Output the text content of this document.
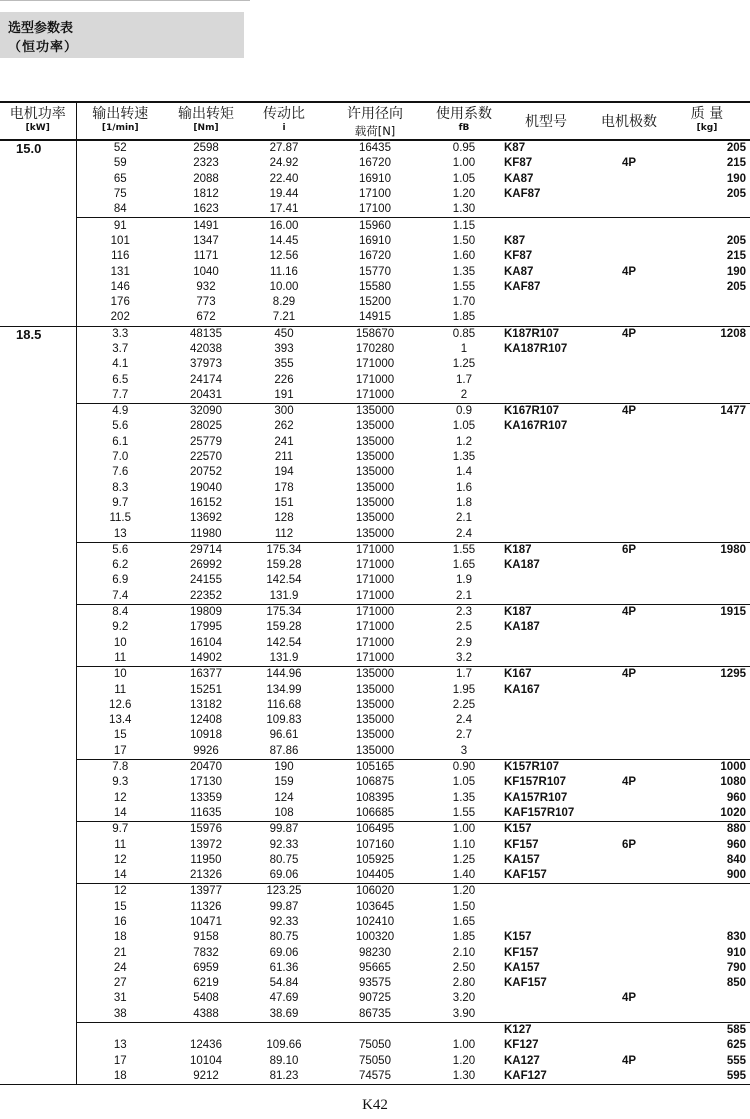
选型参数表
（恒功率）
电机功率	输出转速	输出转矩	传动比	许用径向	使用系数	机型号	电机极数	质 量
[kW]	[1/min]	[Nm]	i	载荷[N]	fB			[kg]
15.0	52	2598	27.87	16435	0.95	K87		205
	59	2323	24.92	16720	1.00	KF87	4P	215
	65	2088	22.40	16910	1.05	KA87		190
	75	1812	19.44	17100	1.20	KAF87		205
	84	1623	17.41	17100	1.30			
	91	1491	16.00	15960	1.15			
	101	1347	14.45	16910	1.50	K87		205
	116	1171	12.56	16720	1.60	KF87		215
	131	1040	11.16	15770	1.35	KA87	4P	190
	146	932	10.00	15580	1.55	KAF87		205
	176	773	8.29	15200	1.70			
	202	672	7.21	14915	1.85			
18.5	3.3	48135	450	158670	0.85	K187R107	4P	1208
	3.7	42038	393	170280	1	KA187R107		
	4.1	37973	355	171000	1.25			
	6.5	24174	226	171000	1.7			
	7.7	20431	191	171000	2			
	4.9	32090	300	135000	0.9	K167R107	4P	1477
	5.6	28025	262	135000	1.05	KA167R107		
	6.1	25779	241	135000	1.2			
	7.0	22570	211	135000	1.35			
	7.6	20752	194	135000	1.4			
	8.3	19040	178	135000	1.6			
	9.7	16152	151	135000	1.8			
	11.5	13692	128	135000	2.1			
	13	11980	112	135000	2.4			
	5.6	29714	175.34	171000	1.55	K187	6P	1980
	6.2	26992	159.28	171000	1.65	KA187		
	6.9	24155	142.54	171000	1.9			
	7.4	22352	131.9	171000	2.1			
	8.4	19809	175.34	171000	2.3	K187	4P	1915
	9.2	17995	159.28	171000	2.5	KA187		
	10	16104	142.54	171000	2.9			
	11	14902	131.9	171000	3.2			
	10	16377	144.96	135000	1.7	K167	4P	1295
	11	15251	134.99	135000	1.95	KA167		
	12.6	13182	116.68	135000	2.25			
	13.4	12408	109.83	135000	2.4			
	15	10918	96.61	135000	2.7			
	17	9926	87.86	135000	3			
	7.8	20470	190	105165	0.90	K157R107		1000
	9.3	17130	159	106875	1.05	KF157R107	4P	1080
	12	13359	124	108395	1.35	KA157R107		960
	14	11635	108	106685	1.55	KAF157R107		1020
	9.7	15976	99.87	106495	1.00	K157		880
	11	13972	92.33	107160	1.10	KF157	6P	960
	12	11950	80.75	105925	1.25	KA157		840
	14	21326	69.06	104405	1.40	KAF157		900
	12	13977	123.25	106020	1.20			
	15	11326	99.87	103645	1.50			
	16	10471	92.33	102410	1.65			
	18	9158	80.75	100320	1.85	K157		830
	21	7832	69.06	98230	2.10	KF157		910
	24	6959	61.36	95665	2.50	KA157		790
	27	6219	54.84	93575	2.80	KAF157		850
	31	5408	47.69	90725	3.20		4P	
	38	4388	38.69	86735	3.90			
						K127		585
	13	12436	109.66	75050	1.00	KF127		625
	17	10104	89.10	75050	1.20	KA127	4P	555
	18	9212	81.23	74575	1.30	KAF127		595
K42
